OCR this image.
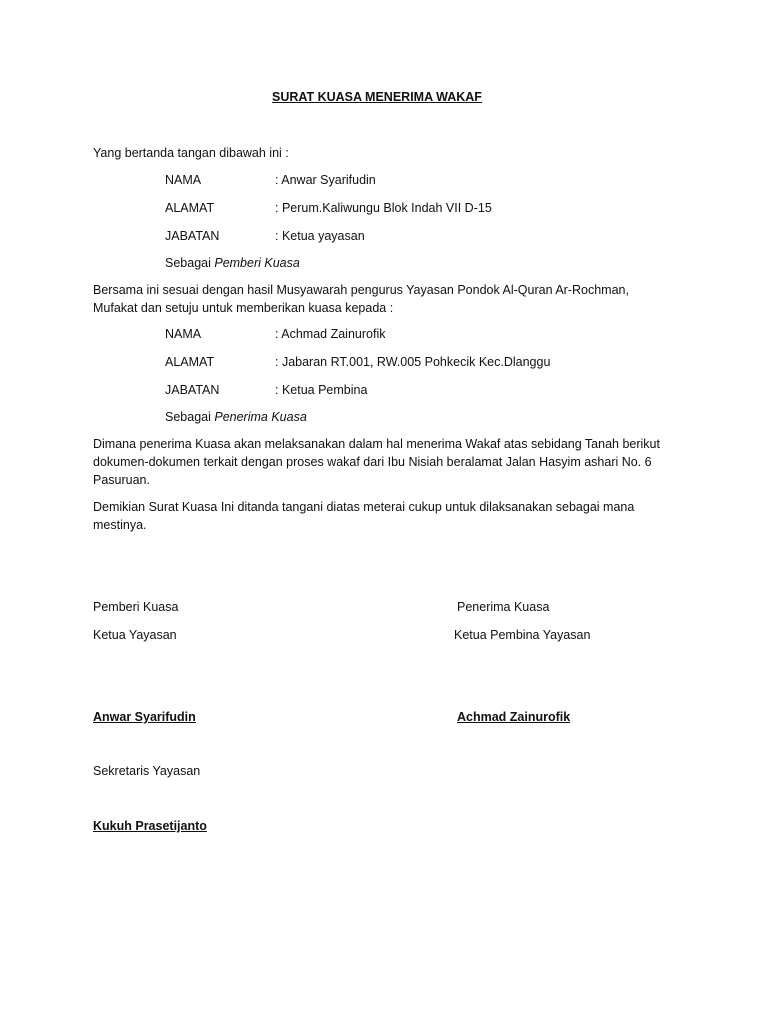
SURAT KUASA MENERIMA WAKAF
Yang bertanda tangan dibawah ini :
NAMA	: Anwar Syarifudin
ALAMAT	: Perum.Kaliwungu Blok Indah VII D-15
JABATAN	: Ketua yayasan
Sebagai Pemberi Kuasa
Bersama ini sesuai dengan hasil Musyawarah pengurus Yayasan Pondok Al-Quran Ar-Rochman, Mufakat dan setuju untuk memberikan kuasa kepada :
NAMA	: Achmad Zainurofik
ALAMAT	: Jabaran RT.001, RW.005 Pohkecik Kec.Dlanggu
JABATAN	: Ketua Pembina
Sebagai Penerima Kuasa
Dimana penerima Kuasa akan melaksanakan dalam hal menerima Wakaf atas sebidang Tanah berikut dokumen-dokumen terkait dengan proses wakaf dari Ibu Nisiah beralamat Jalan Hasyim ashari No. 6 Pasuruan.
Demikian Surat Kuasa Ini ditanda tangani diatas meterai cukup untuk dilaksanakan sebagai mana mestinya.
Pemberi Kuasa	Penerima Kuasa
Ketua Yayasan	Ketua Pembina Yayasan
Anwar Syarifudin	Achmad Zainurofik
Sekretaris Yayasan
Kukuh Prasetijanto
